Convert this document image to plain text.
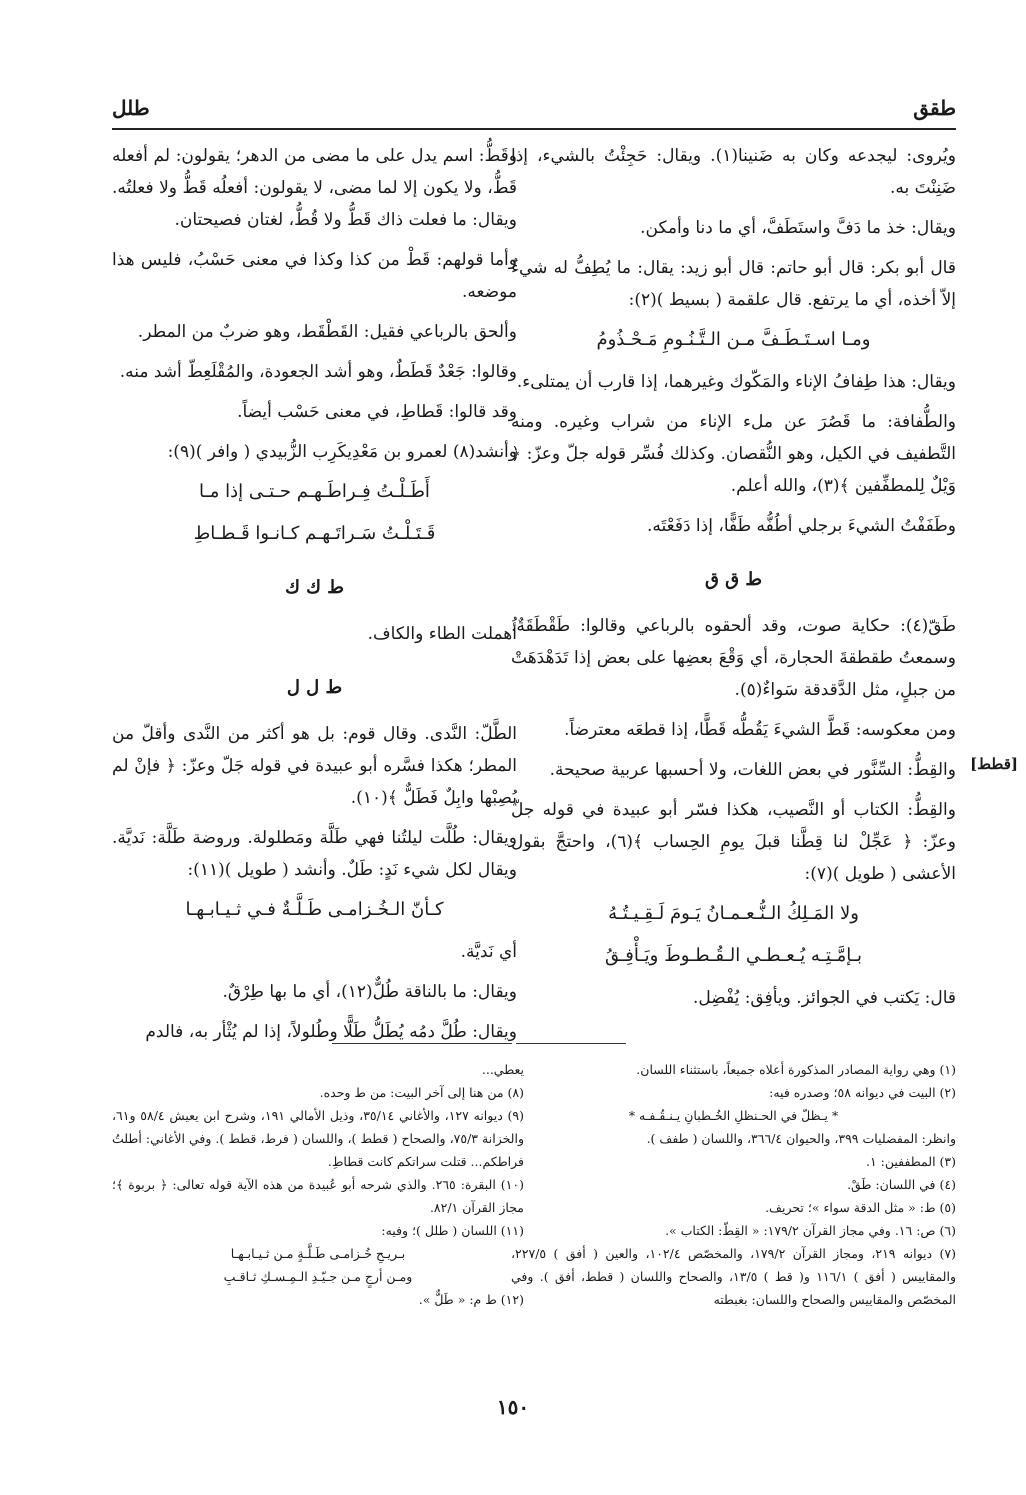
طقق
طلل

ويُروى: ليجدعه وكان به ضَنينا(١). ويقال: حَجِئْتُ بالشيء، إذا ضَنِنْتَ به.

ويقال: خذ ما دَفَّ واستَطَفَّ، أي ما دنا وأمكن.

قال أبو بكر: قال أبو حاتم: قال أبو زيد: يقال: ما يُطِفُّ له شيءٌ إلاّ أخذه، أي ما يرتفع. قال علقمة ( بسيط )(٢):

ومـا اسـتَـطَـفَّ مـن الـتَّـنُـومِ مَـحْـذُومُ

ويقال: هذا طِفافُ الإناء والمَكّوك وغيرهما، إذا قارب أن يمتلىء.

والطُّفافة: ما قَصُرَ عن ملء الإناء من شراب وغيره. ومنه التَّطفيف في الكيل، وهو النُّقصان. وكذلك فُسِّر قوله جلّ وعزّ: ﴿ وَيْلٌ لِلمطفِّفين ﴾(٣)، والله أعلم.

وطَفَفْتُ الشيءَ برجلي أطُفُّه طَفًّا، إذا دَفَعْتَه.

ط ق ق

طَقّ(٤): حكاية صوت، وقد ألحقوه بالرباعي وقالوا: طَقْطَقَةٌ. وسمعتُ طقطقةَ الحجارة، أي وَقْعَ بعضِها على بعض إذا تَدَهْدَهَتْ من جبلٍ، مثل الدَّقدقة سَواءٌ(٥).

ومن معكوسه: قَطَّ الشيءَ يَقُطُّه قَطًّا، إذا قطعَه معترضاً.

والقِطُّ: السِّنَّور في بعض اللغات، ولا أحسبها عربية صحيحة.

والقِطُّ: الكتاب أو النَّصيب، هكذا فسّر أبو عبيدة في قوله جلّ وعزّ: ﴿ عَجِّلْ لنا قِطَّنا قبلَ يومِ الحِساب ﴾(٦)، واحتجَّ بقول الأعشى ( طويل )(٧):

ولا المَـلِكُ الـنُّـعـمـانُ يَـومَ لَـقِـيـتُـهُ
بـإمَّـتِـه يُـعـطـي الـقُـطـوطَ ويَـأْفِـقُ

قال: يَكتب في الجوائز. ويأفِق: يُفْضِل.

[قطط]

وقَطُّ: اسم يدل على ما مضى من الدهر؛ يقولون: لم أفعله قَطُّ، ولا يكون إلا لما مضى، لا يقولون: أفعلُه قَطُّ ولا فعلتُه. ويقال: ما فعلت ذاك قَطُّ ولا قُطُّ، لغتان فصيحتان.

وأما قولهم: قَطْ من كذا وكذا في معنى حَسْبُ، فليس هذا موضعه.

وألحق بالرباعي فقيل: القَطْقَط، وهو ضربٌ من المطر.

وقالوا: جَعْدٌ قَطَطٌ، وهو أشد الجعودة، والمُقْلَعِطّ أشد منه.

وقد قالوا: قَطاطِ، في معنى حَسْب أيضاً.

وأنشد(٨) لعمرو بن مَعْدِيكَرِب الزُّبيدي ( وافر )(٩):

أَطَـلْـتُ فِـراطَـهـم حـتـى إذا مـا
قَـتَـلْـتُ سَـراتَـهـم كـانـوا قَـطـاطِ
ط ك ك

أُهملت الطاء والكاف.

ط ل ل

الطَّلّ: النَّدى. وقال قوم: بل هو أكثر من النَّدى وأقلّ من المطر؛ هكذا فسَّره أبو عبيدة في قوله جَلّ وعزّ: ﴿ فإنْ لم يُصِبْها وابِلٌ فَطَلٌّ ﴾(١٠).

ويقال: طُلَّت ليلتُنا فهي طَلَّة ومَطلولة. وروضة طَلَّة: نَديَّة. ويقال لكل شيء نَدٍ: طَلٌ. وأنشد ( طويل )(١١):

كـأنّ الـخُـزامـى طَـلَّـةٌ فـي ثـيـابـهـا

أي نَديَّة.

ويقال: ما بالناقة طُلٌّ(١٢)، أي ما بها طِرْقٌ.

ويقال: طُلَّ دمُه يُطَلُّ طَلًّا وطُلولاً، إذا لم يُثْأر به، فالدم

(١) وهي رواية المصادر المذكورة أعلاه جميعاً، باستثناء اللسان.
(٢) البيت في ديوانه ٥٨؛ وصدره فيه:
* يـظلّ في الحـنظلِ الخُـطبانِ يـنـقُـفـه *
وانظر: المفضليات ٣٩٩، والحيوان ٣٦٦/٤، واللسان ( طفف ).
(٣) المطففين: ١.
(٤) في اللسان: طَقْ.
(٥) ط: « مثل الدقة سواء »؛ تحريف.
(٦) ص: ١٦. وفي مجاز القرآن ١٧٩/٢: « القِطّ: الكتاب ».
(٧) ديوانه ٢١٩، ومجاز القرآن ١٧٩/٢، والمخصّص ١٠٢/٤، والعين ( أفق ) ٢٢٧/٥، والمقاييس ( أفق ) ١١٦/١ و( قط ) ١٣/٥، والصحاح واللسان ( قطط، أفق ). وفي المخصّص والمقاييس والصحاح واللسان: بغبطته
يعطي...
(٨) من هنا إلى آخر البيت: من ط وحده.
(٩) ديوانه ١٢٧، والأغاني ٣٥/١٤، وذيل الأمالي ١٩١، وشرح ابن يعيش ٥٨/٤ و٦١، والخزانة ٧٥/٣، والصحاح ( قطط )، واللسان ( فرط، قطط ). وفي الأغاني: أطلتُ فراطكم... قتلت سراتكم كانت قطاطِ.
(١٠) البقرة: ٢٦٥. والذي شرحه أبو عُبيدة من هذه الآية قوله تعالى: ﴿ بربوة ﴾؛ مجاز القرآن ٨٢/١.
(١١) اللسان ( طلل )؛ وفيه:
بـريـحِ خُـزامـى طَـلَّـةٍ مـن ثـيـابـهـا
ومـن أرجٍ مـن جـيّـدِ الـمِـسـكِ ثـاقـبِ
(١٢) ط م: « طَلٌّ ».
١٥٠
